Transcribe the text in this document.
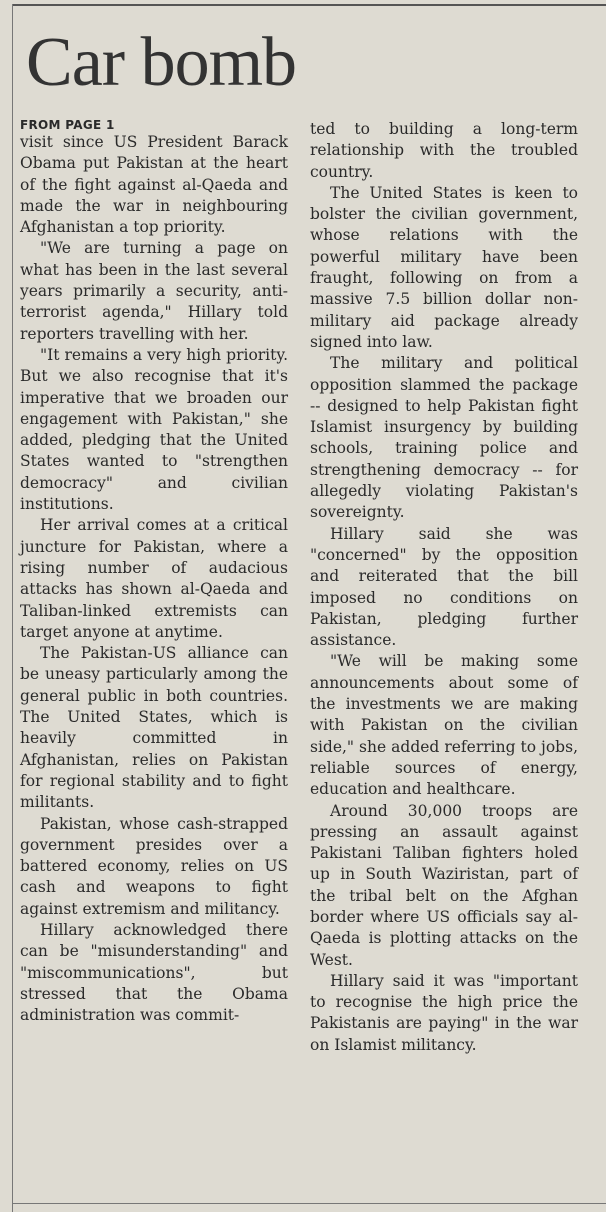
Car bomb
FROM PAGE 1

visit since US President Barack Obama put Pakistan at the heart of the fight against al-Qaeda and made the war in neighbouring Afghanistan a top priority.

"We are turning a page on what has been in the last several years primarily a security, anti-terrorist agenda," Hillary told reporters travelling with her.

"It remains a very high priority. But we also recognise that it's imperative that we broaden our engagement with Pakistan," she added, pledging that the United States wanted to "strengthen democracy" and civilian institutions.

Her arrival comes at a critical juncture for Pakistan, where a rising number of audacious attacks has shown al-Qaeda and Taliban-linked extremists can target anyone at anytime.

The Pakistan-US alliance can be uneasy particularly among the general public in both countries. The United States, which is heavily committed in Afghanistan, relies on Pakistan for regional stability and to fight militants.

Pakistan, whose cash-strapped government presides over a battered economy, relies on US cash and weapons to fight against extremism and militancy.

Hillary acknowledged there can be "misunderstanding" and "miscommunications", but stressed that the Obama administration was commit-

ted to building a long-term relationship with the troubled country.

The United States is keen to bolster the civilian government, whose relations with the powerful military have been fraught, following on from a massive 7.5 billion dollar non-military aid package already signed into law.

The military and political opposition slammed the package -- designed to help Pakistan fight Islamist insurgency by building schools, training police and strengthening democracy -- for allegedly violating Pakistan's sovereignty.

Hillary said she was "concerned" by the opposition and reiterated that the bill imposed no conditions on Pakistan, pledging further assistance.

"We will be making some announcements about some of the investments we are making with Pakistan on the civilian side," she added referring to jobs, reliable sources of energy, education and healthcare.

Around 30,000 troops are pressing an assault against Pakistani Taliban fighters holed up in South Waziristan, part of the tribal belt on the Afghan border where US officials say al-Qaeda is plotting attacks on the West.

Hillary said it was "important to recognise the high price the Pakistanis are paying" in the war on Islamist militancy.
